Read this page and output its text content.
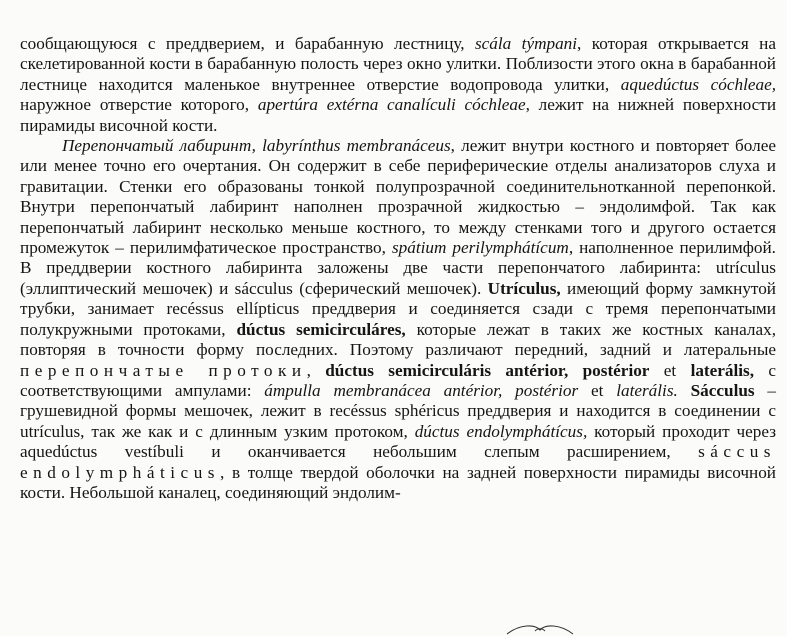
сообщающуюся с преддверием, и барабанную лестницу, scála týmpani, которая открывается на скелетированной кости в барабанную полость через окно улитки. Поблизости этого окна в барабанной лестнице находится маленькое внутреннее отверстие водопровода улитки, aquedúctus cóchleae, наружное отверстие которого, apertúra extérna canalículi cóchleae, лежит на нижней поверхности пирамиды височной кости.

Перепончатый лабиринт, labyrínthus membranáceus, лежит внутри костного и повторяет более или менее точно его очертания. Он содержит в себе периферические отделы анализаторов слуха и гравитации. Стенки его образованы тонкой полупрозрачной соединительнотканной перепонкой. Внутри перепончатый лабиринт наполнен прозрачной жидкостью – эндолимфой. Так как перепончатый лабиринт несколько меньше костного, то между стенками того и другого остается промежуток – перилимфатическое пространство, spátium perilymphátícum, наполненное перилимфой. В преддверии костного лабиринта заложены две части перепончатого лабиринта: utrículus (эллиптический мешочек) и sácculus (сферический мешочек). Utrículus, имеющий форму замкнутой трубки, занимает recéssus ellípticus преддверия и соединяется сзади с тремя перепончатыми полукружными протоками, dúctus semicirculáres, которые лежат в таких же костных каналах, повторяя в точности форму последних. Поэтому различают передний, задний и латеральные перепончатые протоки, dúctus semicirculáris antérior, postérior et laterális, с соответствующими ампулами: ámpulla membranácea antérior, postérior et laterális. Sácculus – грушевидной формы мешочек, лежит в recéssus sphéricus преддверия и находится в соединении с utrículus, так же как и с длинным узким протоком, dúctus endolymphátícus, который проходит через aquedúctus vestíbuli и оканчивается небольшим слепым расширением, sáccus endolympháticus, в толще твердой оболочки на задней поверхности пирамиды височной кости. Небольшой каналец, соединяющий эндолим-
